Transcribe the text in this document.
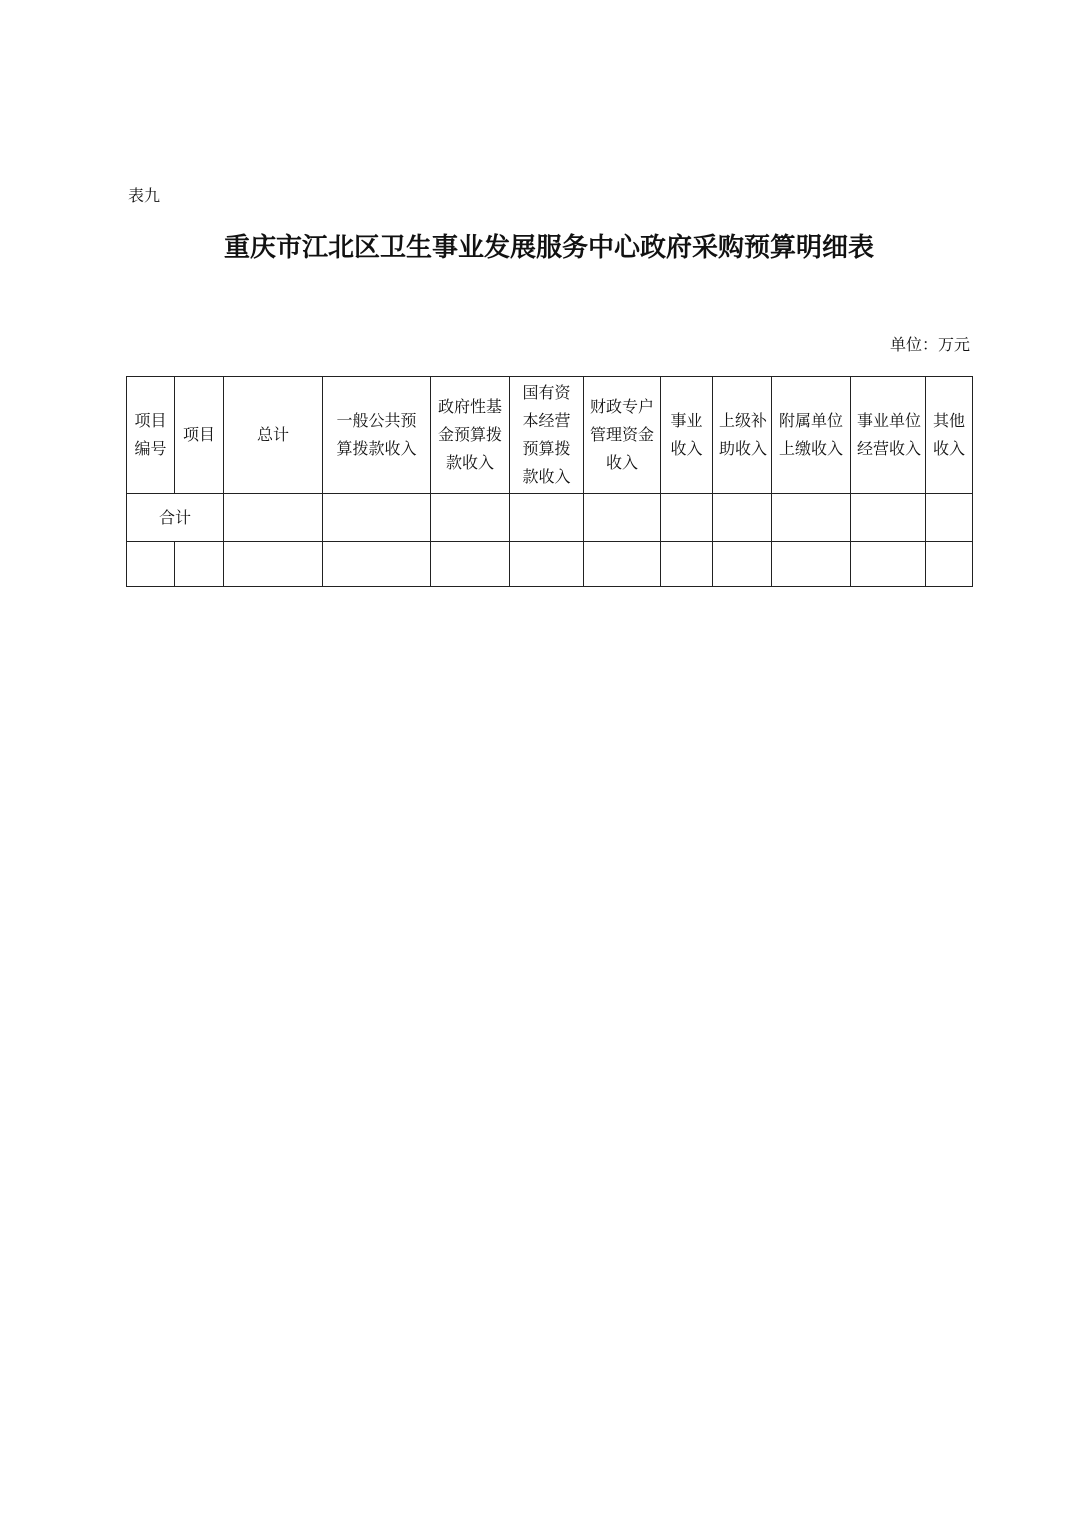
表九
重庆市江北区卫生事业发展服务中心政府采购预算明细表
单位：万元
项目编号	项目	总计	一般公共预算拨款收入	政府性基金预算拨款收入	国有资本经营预算拨款收入	财政专户管理资金收入	事业收入	上级补助收入	附属单位上缴收入	事业单位经营收入	其他收入

合计											
